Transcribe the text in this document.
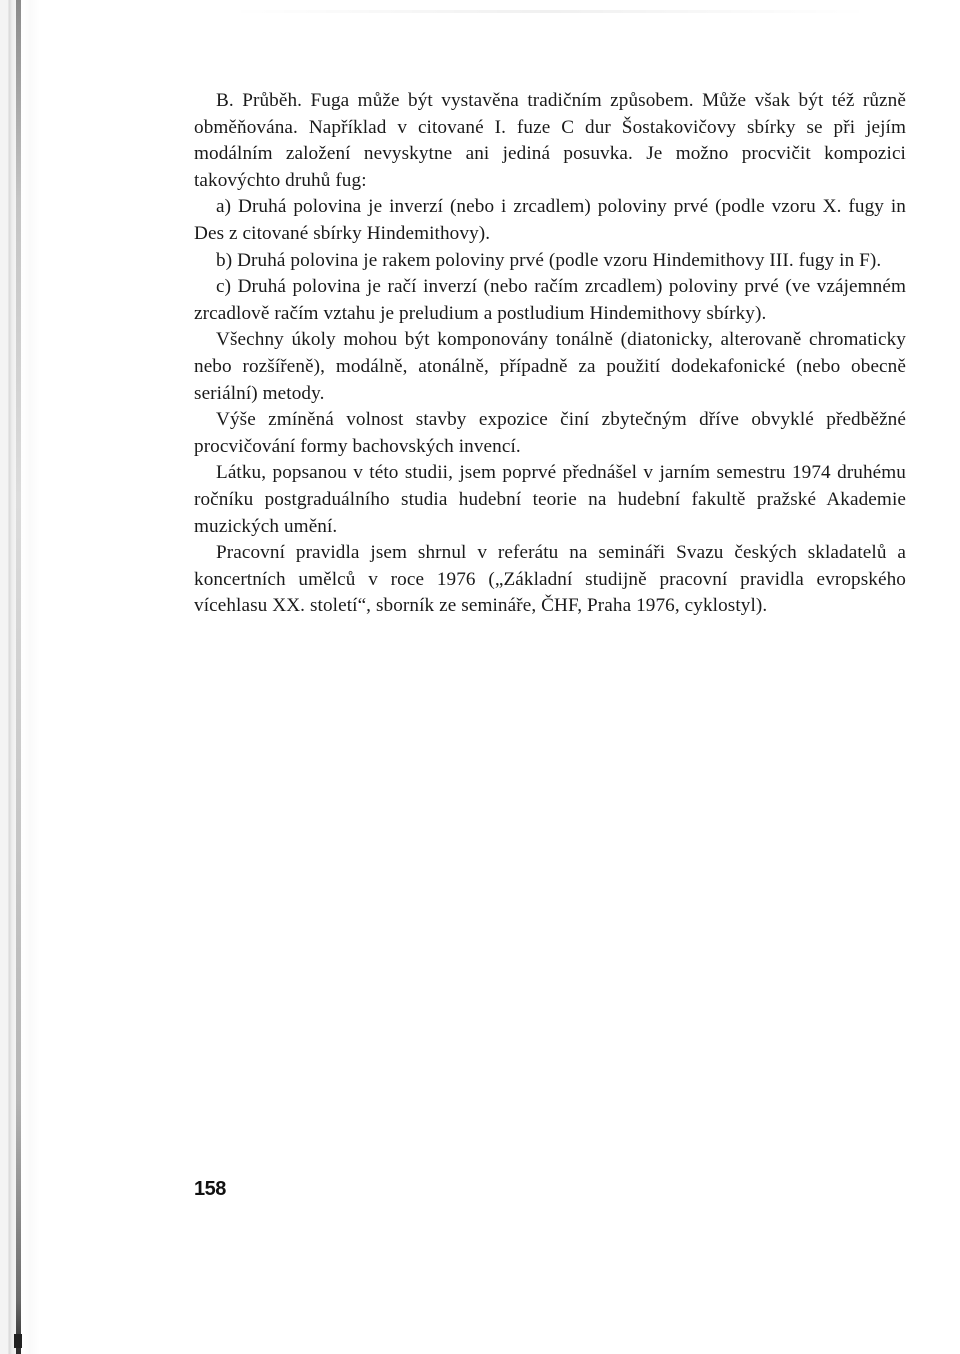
B. Průběh. Fuga může být vystavěna tradičním způsobem. Může však být též různě obměňována. Například v citované I. fuze C dur Šostakovičovy sbírky se při jejím modálním založení nevyskytne ani jediná posuvka. Je možno procvičit kompozici takovýchto druhů fug:

a) Druhá polovina je inverzí (nebo i zrcadlem) poloviny prvé (podle vzoru X. fugy in Des z citované sbírky Hindemithovy).

b) Druhá polovina je rakem poloviny prvé (podle vzoru Hindemithovy III. fugy in F).

c) Druhá polovina je račí inverzí (nebo račím zrcadlem) poloviny prvé (ve vzájemném zrcadlově račím vztahu je preludium a postludium Hindemithovy sbírky).

Všechny úkoly mohou být komponovány tonálně (diatonicky, alterovaně chromaticky nebo rozšířeně), modálně, atonálně, případně za použití dodekafonické (nebo obecně seriální) metody.

Výše zmíněná volnost stavby expozice činí zbytečným dříve obvyklé předběžné procvičování formy bachovských invencí.

Látku, popsanou v této studii, jsem poprvé přednášel v jarním semestru 1974 druhému ročníku postgraduálního studia hudební teorie na hudební fakultě pražské Akademie muzických umění.

Pracovní pravidla jsem shrnul v referátu na semináři Svazu českých skladatelů a koncertních umělců v roce 1976 („Základní studijně pracovní pravidla evropského vícehlasu XX. století“, sborník ze semináře, ČHF, Praha 1976, cyklostyl).

158
